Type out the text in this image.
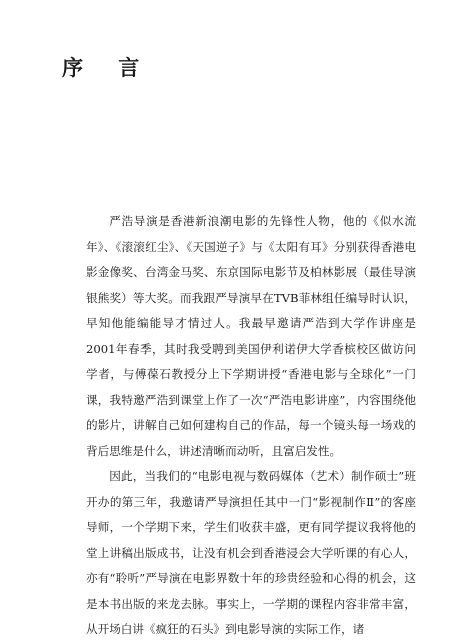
序 言

严浩导演是香港新浪潮电影的先锋性人物，他的《似水流年》、《滚滚红尘》、《天国逆子》与《太阳有耳》分别获得香港电影金像奖、台湾金马奖、东京国际电影节及柏林影展（最佳导演银熊奖）等大奖。而我跟严导演早在TVB菲林组任编导时认识，早知他能编能导才情过人。我最早邀请严浩到大学作讲座是2001年春季，其时我受聘到美国伊利诺伊大学香槟校区做访问学者，与傅葆石教授分上下学期讲授“香港电影与全球化”一门课，我特邀严浩到课堂上作了一次“严浩电影讲座”，内容围绕他的影片，讲解自己如何建构自己的作品，每一个镜头每一场戏的背后思维是什么，讲述清晰而动听，且富启发性。

因此，当我们的“电影电视与数码媒体（艺术）制作硕士”班开办的第三年，我邀请严导演担任其中一门“影视制作Ⅱ”的客座导师，一个学期下来，学生们收获丰盛，更有同学提议我将他的堂上讲稿出版成书，让没有机会到香港浸会大学听课的有心人，亦有“聆听”严导演在电影界数十年的珍贵经验和心得的机会，这是本书出版的来龙去脉。事实上，一学期的课程内容非常丰富，从开场白讲《疯狂的石头》到电影导演的实际工作，诸
